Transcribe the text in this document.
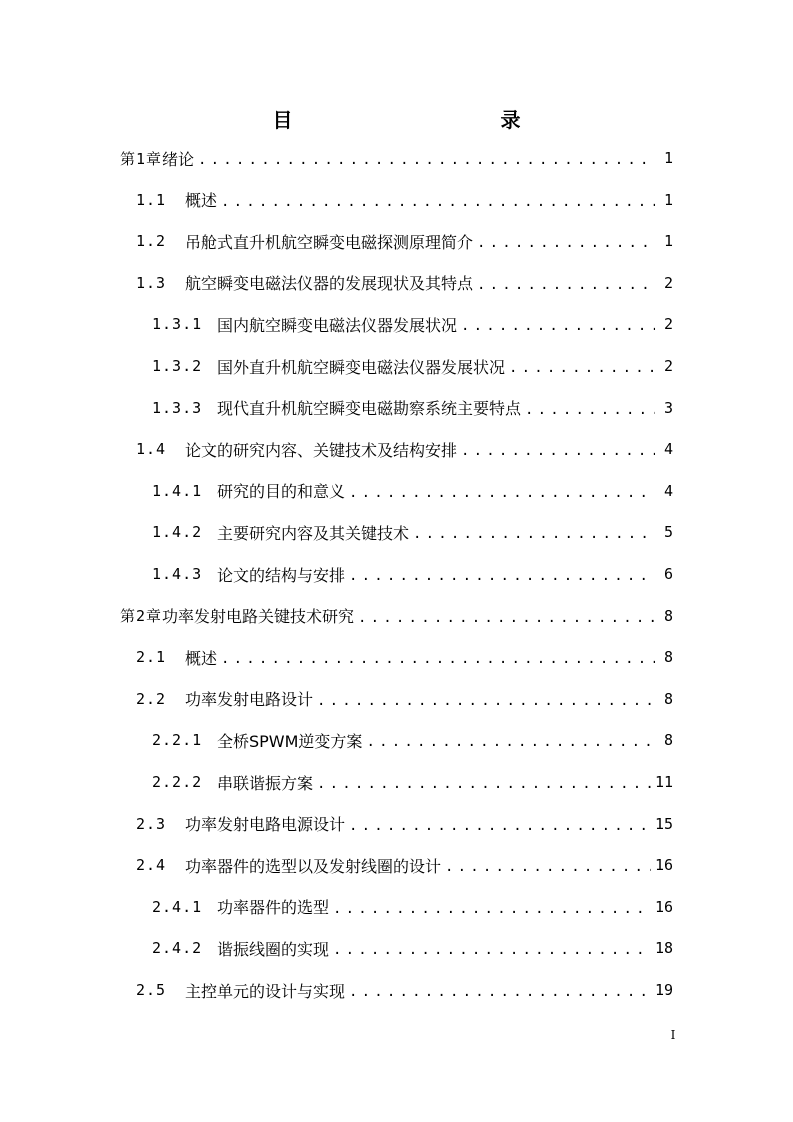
目　　录
第1章 绪论 .....	1
1.1	概述 .....	1
1.2	吊舱式直升机航空瞬变电磁探测原理简介 .....	1
1.3	航空瞬变电磁法仪器的发展现状及其特点 .....	2
1.3.1 国内航空瞬变电磁法仪器发展状况 .....	2
1.3.2 国外直升机航空瞬变电磁法仪器发展状况 .....	2
1.3.3 现代直升机航空瞬变电磁勘察系统主要特点 .....	3
1.4	论文的研究内容、关键技术及结构安排 .....	4
1.4.1 研究的目的和意义 .....	4
1.4.2 主要研究内容及其关键技术 .....	5
1.4.3 论文的结构与安排 .....	6
第2章 功率发射电路关键技术研究 .....	8
2.1	概述 .....	8
2.2	功率发射电路设计 .....	8
2.2.1 全桥SPWM逆变方案 .....	8
2.2.2 串联谐振方案 .....	11
2.3	功率发射电路电源设计 .....	15
2.4	功率器件的选型以及发射线圈的设计 .....	16
2.4.1 功率器件的选型 .....	16
2.4.2 谐振线圈的实现 .....	18
2.5	主控单元的设计与实现 .....	19
I
